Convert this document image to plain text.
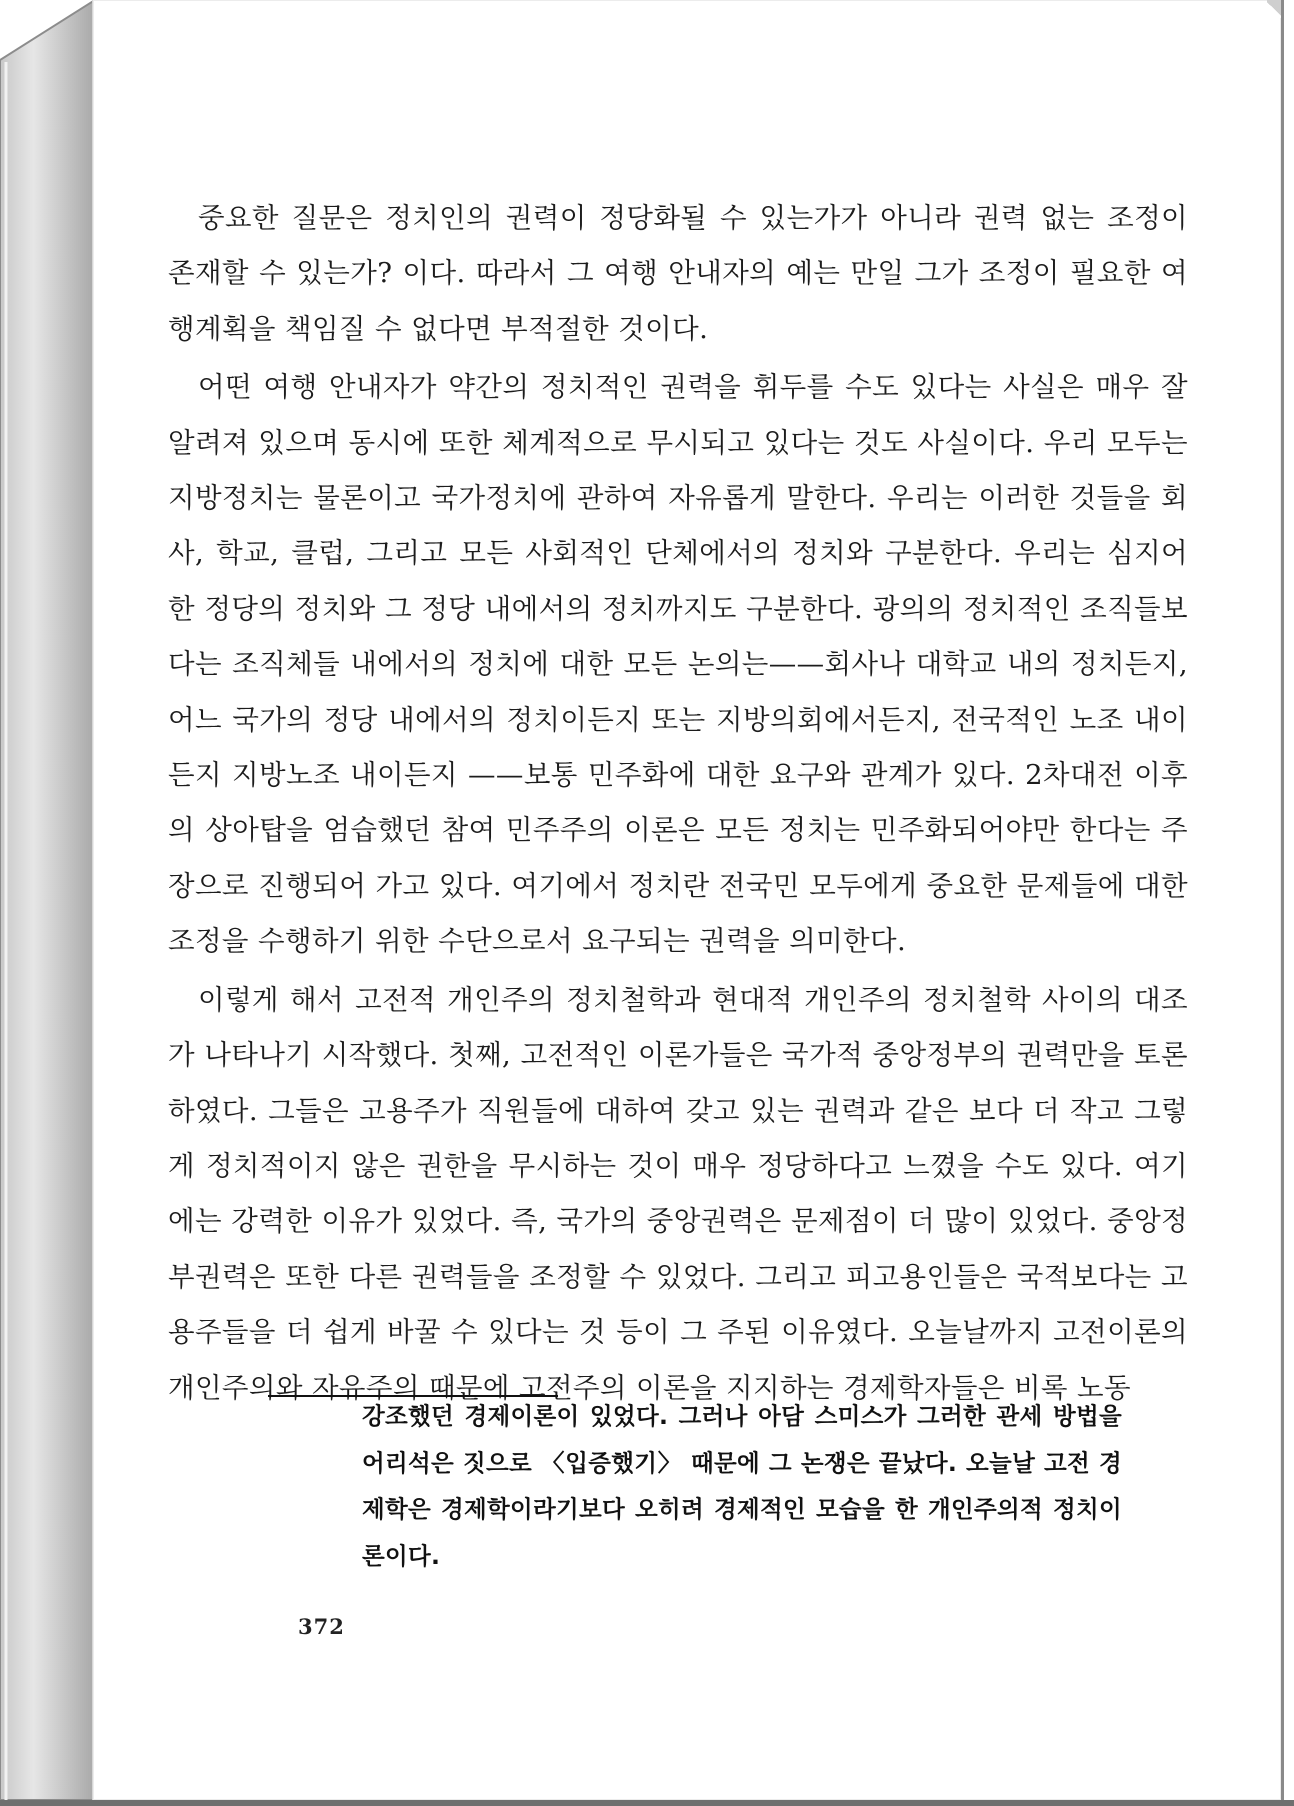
중요한 질문은 정치인의 권력이 정당화될 수 있는가가 아니라 권력 없는 조정이 존재할 수 있는가? 이다. 따라서 그 여행 안내자의 예는 만일 그가 조정이 필요한 여행계획을 책임질 수 없다면 부적절한 것이다.

어떤 여행 안내자가 약간의 정치적인 권력을 휘두를 수도 있다는 사실은 매우 잘 알려져 있으며 동시에 또한 체계적으로 무시되고 있다는 것도 사실이다. 우리 모두는 지방정치는 물론이고 국가정치에 관하여 자유롭게 말한다. 우리는 이러한 것들을 회사, 학교, 클럽, 그리고 모든 사회적인 단체에서의 정치와 구분한다. 우리는 심지어 한 정당의 정치와 그 정당 내에서의 정치까지도 구분한다. 광의의 정치적인 조직들보다는 조직체들 내에서의 정치에 대한 모든 논의는——회사나 대학교 내의 정치든지, 어느 국가의 정당 내에서의 정치이든지 또는 지방의회에서든지, 전국적인 노조 내이든지 지방노조 내이든지 ——보통 민주화에 대한 요구와 관계가 있다. 2차대전 이후의 상아탑을 엄습했던 참여 민주주의 이론은 모든 정치는 민주화되어야만 한다는 주장으로 진행되어 가고 있다. 여기에서 정치란 전국민 모두에게 중요한 문제들에 대한 조정을 수행하기 위한 수단으로서 요구되는 권력을 의미한다.

이렇게 해서 고전적 개인주의 정치철학과 현대적 개인주의 정치철학 사이의 대조가 나타나기 시작했다. 첫째, 고전적인 이론가들은 국가적 중앙정부의 권력만을 토론하였다. 그들은 고용주가 직원들에 대하여 갖고 있는 권력과 같은 보다 더 작고 그렇게 정치적이지 않은 권한을 무시하는 것이 매우 정당하다고 느꼈을 수도 있다. 여기에는 강력한 이유가 있었다. 즉, 국가의 중앙권력은 문제점이 더 많이 있었다. 중앙정부권력은 또한 다른 권력들을 조정할 수 있었다. 그리고 피고용인들은 국적보다는 고용주들을 더 쉽게 바꿀 수 있다는 것 등이 그 주된 이유였다. 오늘날까지 고전이론의 개인주의와 자유주의 때문에 고전주의 이론을 지지하는 경제학자들은 비록 노동

강조했던 경제이론이 있었다. 그러나 아담 스미스가 그러한 관세 방법을 어리석은 짓으로 〈입증했기〉 때문에 그 논쟁은 끝났다. 오늘날 고전 경제학은 경제학이라기보다 오히려 경제적인 모습을 한 개인주의적 정치이론이다.
372
